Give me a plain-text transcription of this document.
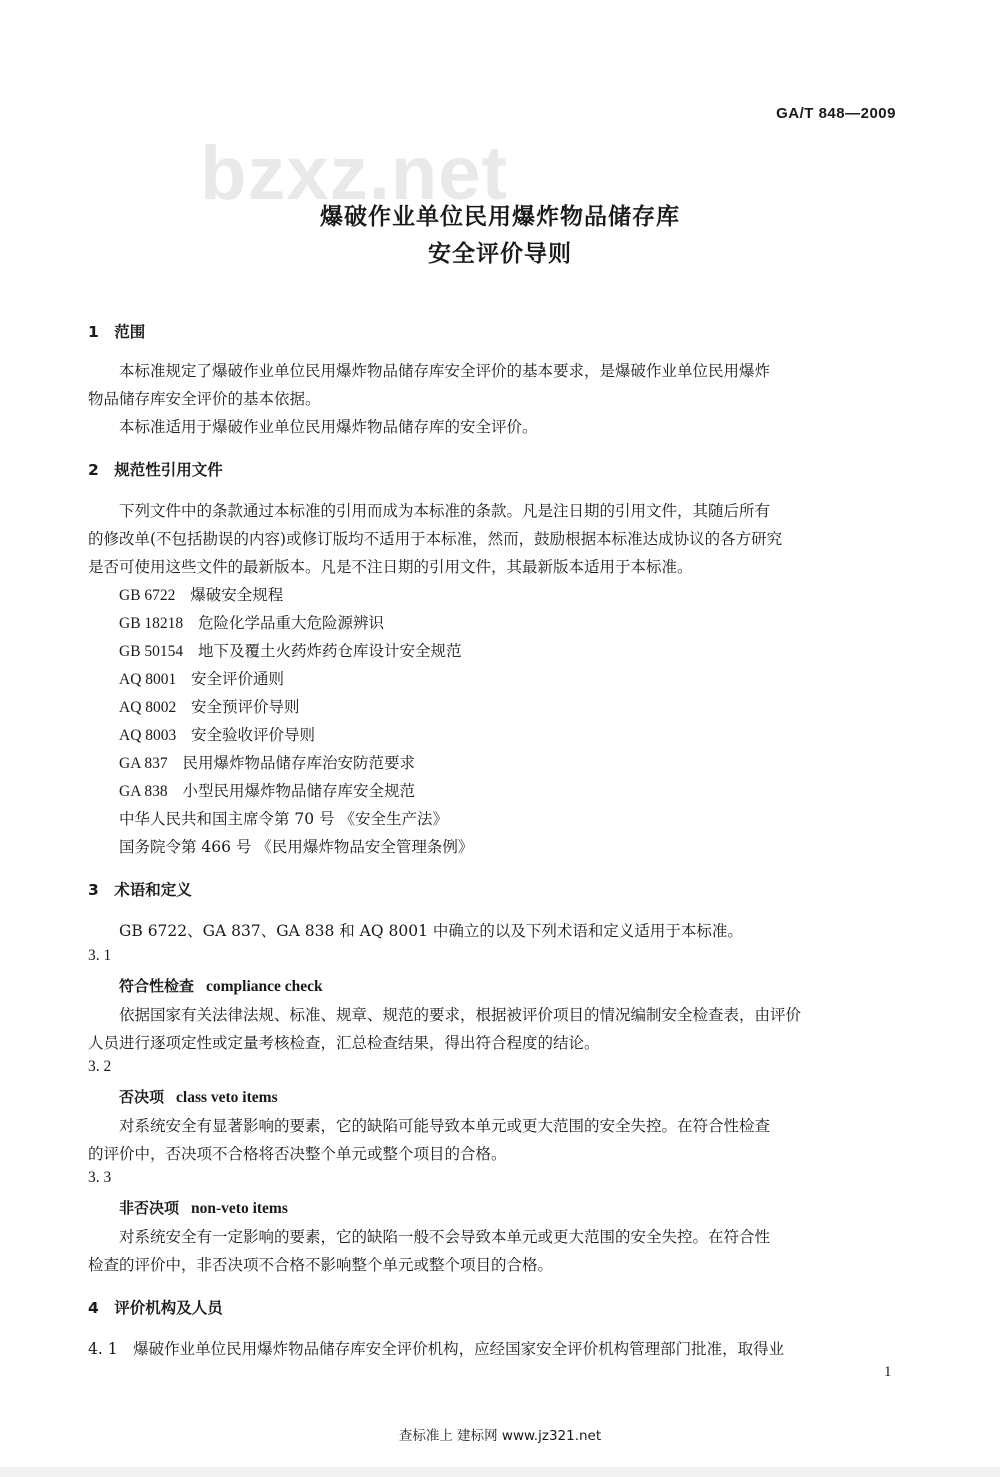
bzxz.net
GA/T 848—2009
爆破作业单位民用爆炸物品储存库
安全评价导则
1　范围
本标准规定了爆破作业单位民用爆炸物品储存库安全评价的基本要求，是爆破作业单位民用爆炸
物品储存库安全评价的基本依据。
本标准适用于爆破作业单位民用爆炸物品储存库的安全评价。
2　规范性引用文件
下列文件中的条款通过本标准的引用而成为本标准的条款。凡是注日期的引用文件，其随后所有
的修改单(不包括勘误的内容)或修订版均不适用于本标准，然而，鼓励根据本标准达成协议的各方研究
是否可使用这些文件的最新版本。凡是不注日期的引用文件，其最新版本适用于本标准。
GB 6722 爆破安全规程
GB 18218 危险化学品重大危险源辨识
GB 50154 地下及覆土火药炸药仓库设计安全规范
AQ 8001 安全评价通则
AQ 8002 安全预评价导则
AQ 8003 安全验收评价导则
GA 837 民用爆炸物品储存库治安防范要求
GA 838 小型民用爆炸物品储存库安全规范
中华人民共和国主席令第 70 号 《安全生产法》
国务院令第 466 号 《民用爆炸物品安全管理条例》
3　术语和定义
GB 6722、GA 837、GA 838 和 AQ 8001 中确立的以及下列术语和定义适用于本标准。
3. 1
符合性检查 compliance check
依据国家有关法律法规、标准、规章、规范的要求，根据被评价项目的情况编制安全检查表，由评价
人员进行逐项定性或定量考核检查，汇总检查结果，得出符合程度的结论。
3. 2
否决项 class veto items
对系统安全有显著影响的要素，它的缺陷可能导致本单元或更大范围的安全失控。在符合性检查
的评价中，否决项不合格将否决整个单元或整个项目的合格。
3. 3
非否决项 non-veto items
对系统安全有一定影响的要素，它的缺陷一般不会导致本单元或更大范围的安全失控。在符合性
检查的评价中，非否决项不合格不影响整个单元或整个项目的合格。
4　评价机构及人员
4. 1　爆破作业单位民用爆炸物品储存库安全评价机构，应经国家安全评价机构管理部门批准，取得业
1
查标准上 建标网 www.jz321.net
